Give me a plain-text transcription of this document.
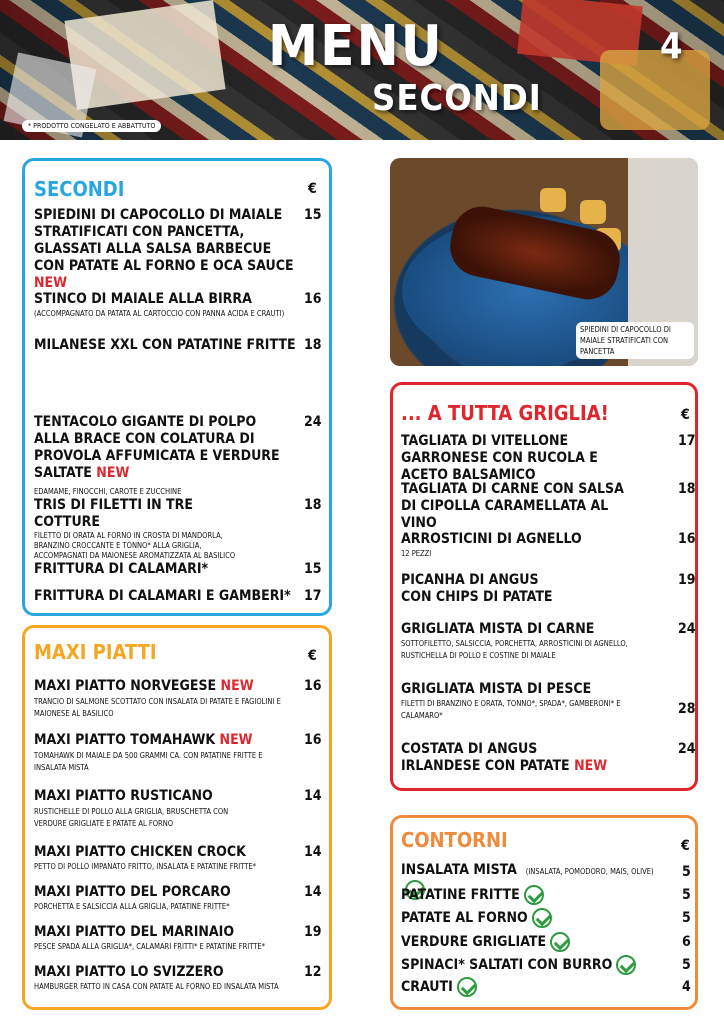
MENU
SECONDI
4
* PRODOTTO CONGELATO E ABBATTUTO
SECONDI	€
SPIEDINI DI CAPOCOLLO DI MAIALE STRATIFICATI CON PANCETTA, GLASSATI ALLA SALSA BARBECUE CON PATATE AL FORNO E OCA SAUCE NEW
15
STINCO DI MAIALE ALLA BIRRA
(ACCOMPAGNATO DA PATATA AL CARTOCCIO CON PANNA ACIDA E CRAUTI)
16
MILANESE XXL CON PATATINE FRITTE 18
TENTACOLO GIGANTE DI POLPO ALLA BRACE CON COLATURA DI PROVOLA AFFUMICATA E VERDURE SALTATE NEW
EDAMAME, FINOCCHI, CAROTE E ZUCCHINE
24
TRIS DI FILETTI IN TRE COTTURE
FILETTO DI ORATA AL FORNO IN CROSTA DI MANDORLA, BRANZINO CROCCANTE E TONNO* ALLA GRIGLIA, ACCOMPAGNATI DA MAIONESE AROMATIZZATA AL BASILICO
18
FRITTURA DI CALAMARI*	15
FRITTURA DI CALAMARI E GAMBERI* 17
MAXI PIATTI	€
MAXI PIATTO NORVEGESE NEW
TRANCIO DI SALMONE SCOTTATO CON INSALATA DI PATATE E FAGIOLINI E MAIONESE AL BASILICO
16
MAXI PIATTO TOMAHAWK NEW
TOMAHAWK DI MAIALE DA 500 GRAMMI CA. CON PATATINE FRITTE E INSALATA MISTA
16
MAXI PIATTO RUSTICANO
RUSTICHELLE DI POLLO ALLA GRIGLIA, BRUSCHETTA CON VERDURE GRIGLIATE E PATATE AL FORNO
14
MAXI PIATTO CHICKEN CROCK
PETTO DI POLLO IMPANATO FRITTO, INSALATA E PATATINE FRITTE*
14
MAXI PIATTO DEL PORCARO
PORCHETTA E SALSICCIA ALLA GRIGLIA, PATATINE FRITTE*
14
MAXI PIATTO DEL MARINAIO
PESCE SPADA ALLA GRIGLIA*, CALAMARI FRITTI* E PATATINE FRITTE*
19
MAXI PIATTO LO SVIZZERO
HAMBURGER FATTO IN CASA CON PATATE AL FORNO ED INSALATA MISTA
12
SPIEDINI DI CAPOCOLLO DI MAIALE STRATIFICATI CON PANCETTA
... A TUTTA GRIGLIA!	€
TAGLIATA DI VITELLONE GARRONESE CON RUCOLA E ACETO BALSAMICO
17
TAGLIATA DI CARNE CON SALSA DI CIPOLLA CARAMELLATA AL VINO
18
ARROSTICINI DI AGNELLO
12 PEZZI
16
PICANHA DI ANGUS CON CHIPS DI PATATE
19
GRIGLIATA MISTA DI CARNE
SOTTOFILETTO, SALSICCIA, PORCHETTA, ARROSTICINI DI AGNELLO, RUSTICHELLA DI POLLO E COSTINE DI MAIALE
24
GRIGLIATA MISTA DI PESCE
FILETTI DI BRANZINO E ORATA, TONNO*, SPADA*, GAMBERONI* E CALAMARO*	28
COSTATA DI ANGUS IRLANDESE CON PATATE NEW
24
CONTORNI	€
INSALATA MISTA (INSALATA, POMODORO, MAIS, OLIVE)	5
PATATINE FRITTE	5
PATATE AL FORNO	5
VERDURE GRIGLIATE	6
SPINACI* SALTATI CON BURRO	5
CRAUTI	4
